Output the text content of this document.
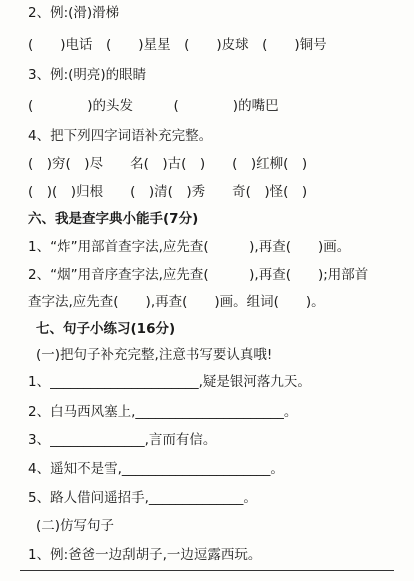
2、例:(滑)滑梯
(　　)电话　(　　)星星　(　　)皮球　(　　)铜号
3、例:(明亮)的眼睛
(　　　　)的头发　　　(　　　　)的嘴巴
4、把下列四字词语补充完整。
(　)穷(　)尽　　名(　)古(　)　　(　)红柳(　)
(　)(　)归根　　(　)清(　)秀　　奇(　)怪(　)
六、我是查字典小能手(7分)
1、“炸”用部首查字法,应先查(　　　),再查(　　)画。
2、“烟”用音序查字法,应先查(　　　),再查(　　);用部首
查字法,应先查(　　),再查(　　)画。组词(　　)。
七、句子小练习(16分)
(一)把句子补充完整,注意书写要认真哦!
1、______________________,疑是银河落九天。
2、白马西风塞上,______________________。
3、______________,言而有信。
4、遥知不是雪,______________________。
5、路人借问遥招手,______________。
(二)仿写句子
1、例:爸爸一边刮胡子,一边逗露西玩。
